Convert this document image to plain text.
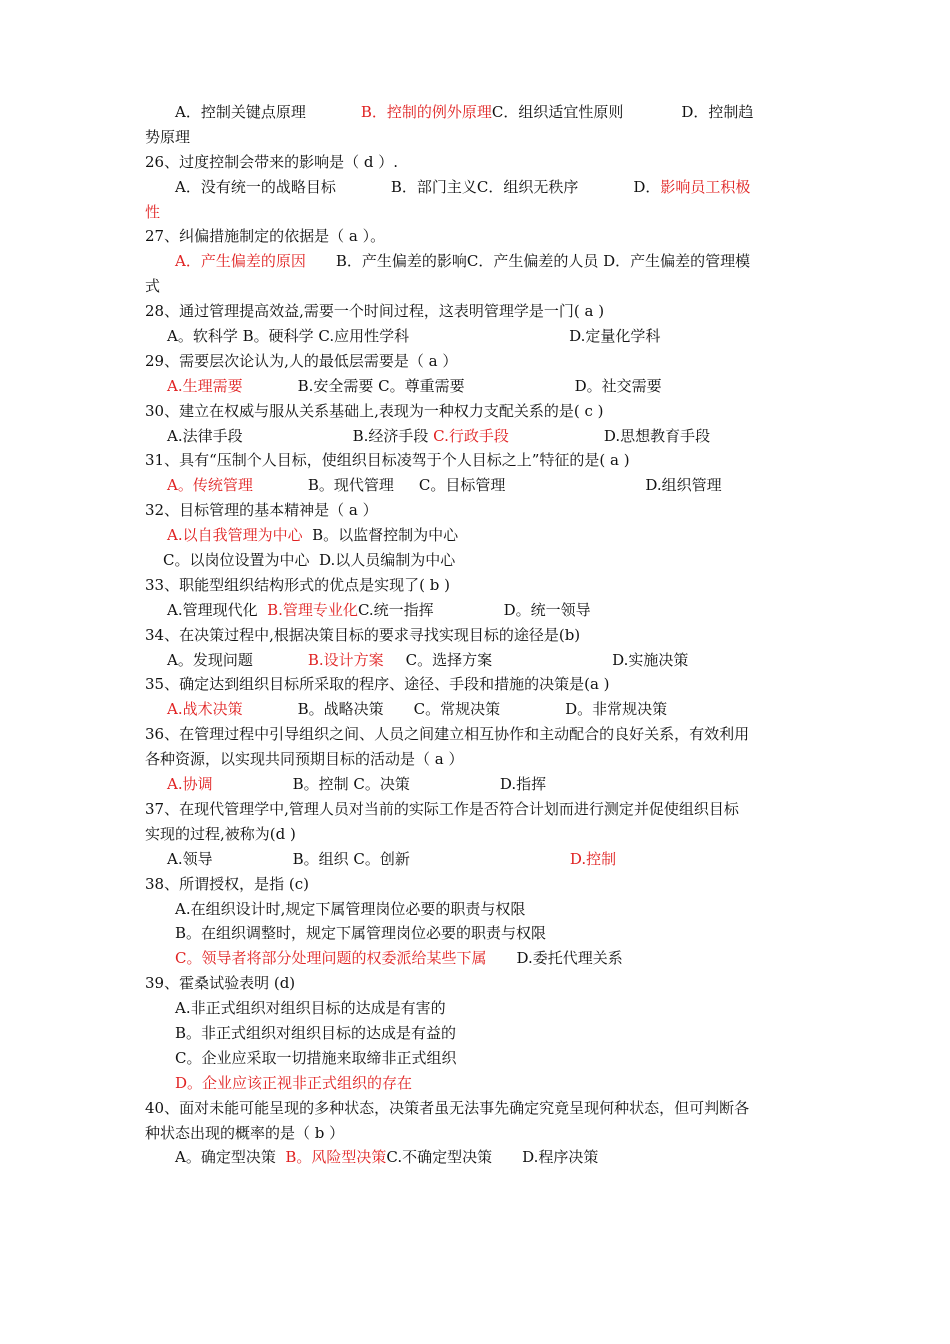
A．控制关键点原理	B．控制的例外原理C．组织适宜性原则	D．控制趋
势原理
26、过度控制会带来的影响是（ d ）.
A．没有统一的战略目标	B．部门主义C．组织无秩序	D．影响员工积极
性
27、纠偏措施制定的依据是（ a ）。
A．产生偏差的原因 B．产生偏差的影响C．产生偏差的人员 D．产生偏差的管理模
式
28、通过管理提高效益,需要一个时间过程，这表明管理学是一门( a )
A。软科学 B。硬科学 C.应用性学科	D.定量化学科
29、需要层次论认为,人的最低层需要是（ a ）
A.生理需要	B.安全需要 C。尊重需要	D。社交需要
30、建立在权威与服从关系基础上,表现为一种权力支配关系的是( c )
A.法律手段	B.经济手段 C.行政手段	D.思想教育手段
31、具有“压制个人目标，使组织目标凌驾于个人目标之上”特征的是( a )
A。传统管理	B。现代管理 C。目标管理	D.组织管理
32、目标管理的基本精神是（ a ）
A.以自我管理为中心  B。以监督控制为中心
C。以岗位设置为中心  D.以人员编制为中心
33、职能型组织结构形式的优点是实现了( b )
A.管理现代化  B.管理专业化C.统一指挥	D。统一领导
34、在决策过程中,根据决策目标的要求寻找实现目标的途径是(b)
A。发现问题	B.设计方案 C。选择方案	D.实施决策
35、确定达到组织目标所采取的程序、途径、手段和措施的决策是(a )
A.战术决策	B。战略决策 C。常规决策	D。非常规决策
36、在管理过程中引导组织之间、人员之间建立相互协作和主动配合的良好关系，有效利用
各种资源，以实现共同预期目标的活动是（ a ）
A.协调	B。控制 C。决策	D.指挥
37、在现代管理学中,管理人员对当前的实际工作是否符合计划而进行测定并促使组织目标
实现的过程,被称为(d )
A.领导	B。组织 C。创新	D.控制
38、所谓授权，是指 (c)
A.在组织设计时,规定下属管理岗位必要的职责与权限
B。在组织调整时，规定下属管理岗位必要的职责与权限
C。领导者将部分处理问题的权委派给某些下属 D.委托代理关系
39、霍桑试验表明 (d)
A.非正式组织对组织目标的达成是有害的
B。非正式组织对组织目标的达成是有益的
C。企业应采取一切措施来取缔非正式组织
D。企业应该正视非正式组织的存在
40、面对未能可能呈现的多种状态，决策者虽无法事先确定究竟呈现何种状态，但可判断各
种状态出现的概率的是（ b ）
A。确定型决策  B。风险型决策C.不确定型决策 D.程序决策
